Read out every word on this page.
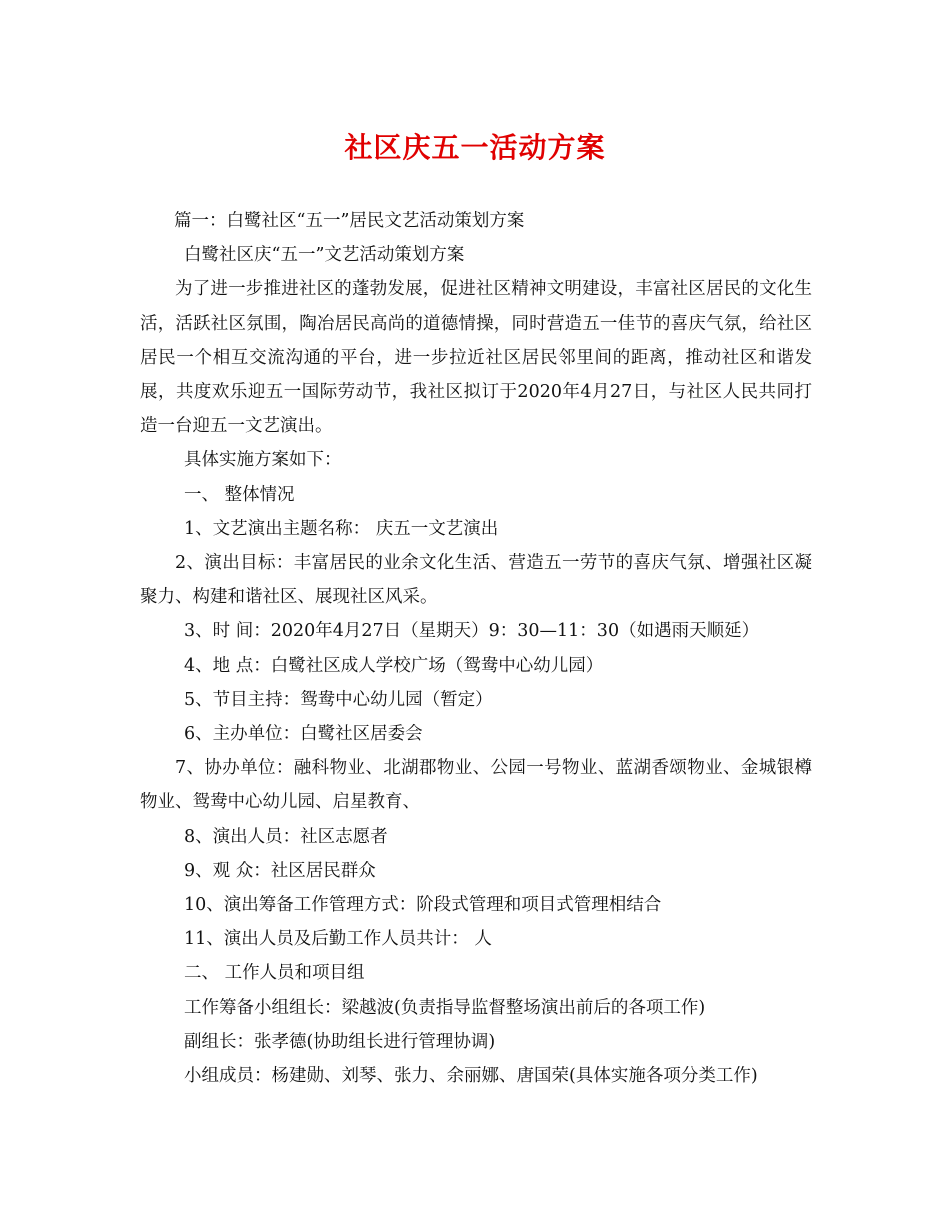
社区庆五一活动方案

篇一：白鹭社区“五一”居民文艺活动策划方案

白鹭社区庆“五一”文艺活动策划方案

为了进一步推进社区的蓬勃发展，促进社区精神文明建设，丰富社区居民的文化生活，活跃社区氛围，陶冶居民高尚的道德情操，同时营造五一佳节的喜庆气氛，给社区居民一个相互交流沟通的平台，进一步拉近社区居民邻里间的距离，推动社区和谐发展，共度欢乐迎五一国际劳动节，我社区拟订于2020年4月27日，与社区人民共同打造一台迎五一文艺演出。

具体实施方案如下：

一、 整体情况

1、文艺演出主题名称： 庆五一文艺演出

2、演出目标：丰富居民的业余文化生活、营造五一劳节的喜庆气氛、增强社区凝聚力、构建和谐社区、展现社区风采。

3、时 间：2020年4月27日（星期天）9：30—11：30（如遇雨天顺延）

4、地 点：白鹭社区成人学校广场（鸳鸯中心幼儿园）

5、节目主持：鸳鸯中心幼儿园（暂定）

6、主办单位：白鹭社区居委会

7、协办单位：融科物业、北湖郡物业、公园一号物业、蓝湖香颂物业、金城银樽物业、鸳鸯中心幼儿园、启星教育、

8、演出人员：社区志愿者

9、观 众：社区居民群众

10、演出筹备工作管理方式：阶段式管理和项目式管理相结合

11、演出人员及后勤工作人员共计： 人

二、 工作人员和项目组

工作筹备小组组长：梁越波(负责指导监督整场演出前后的各项工作)

副组长：张孝德(协助组长进行管理协调)

小组成员：杨建勋、刘琴、张力、余丽娜、唐国荣(具体实施各项分类工作)
